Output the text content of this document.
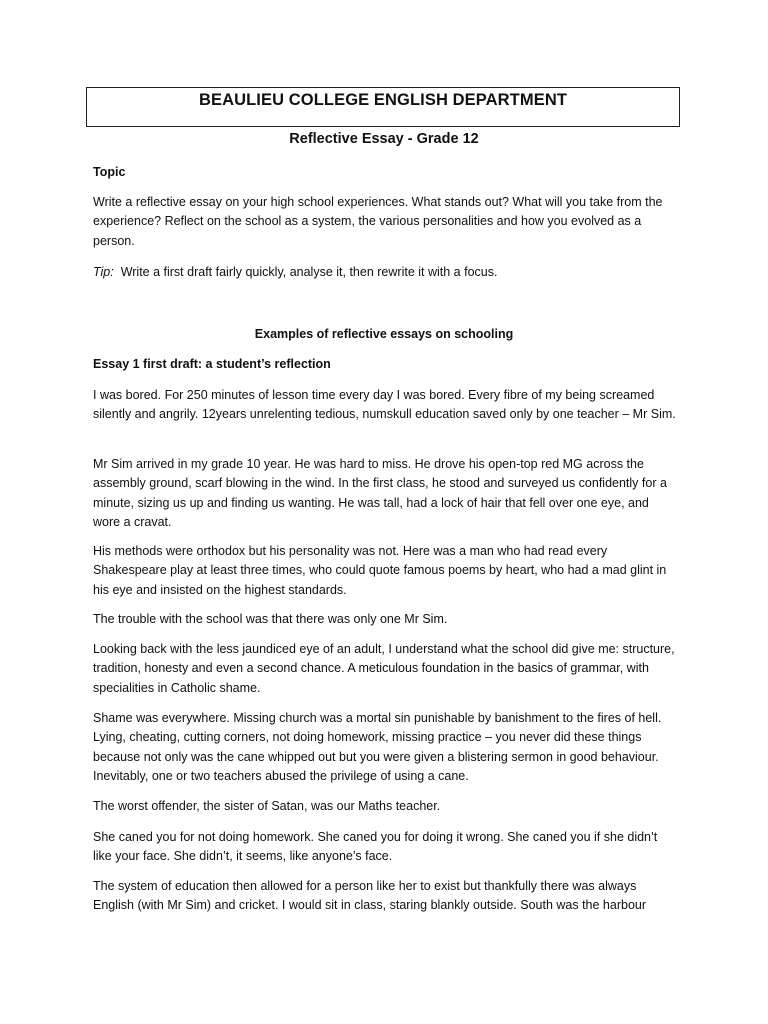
BEAULIEU COLLEGE ENGLISH DEPARTMENT
Reflective Essay - Grade 12

Topic

Write a reflective essay on your high school experiences. What stands out? What will you take from the experience? Reflect on the school as a system, the various personalities and how you evolved as a person.

Tip: Write a first draft fairly quickly, analyse it, then rewrite it with a focus.

Examples of reflective essays on schooling

Essay 1 first draft: a student’s reflection

I was bored. For 250 minutes of lesson time every day I was bored. Every fibre of my being screamed silently and angrily. 12years unrelenting tedious, numskull education saved only by one teacher – Mr Sim.

Mr Sim arrived in my grade 10 year. He was hard to miss. He drove his open-top red MG across the assembly ground, scarf blowing in the wind. In the first class, he stood and surveyed us confidently for a minute, sizing us up and finding us wanting. He was tall, had a lock of hair that fell over one eye, and wore a cravat.

His methods were orthodox but his personality was not. Here was a man who had read every Shakespeare play at least three times, who could quote famous poems by heart, who had a mad glint in his eye and insisted on the highest standards.

The trouble with the school was that there was only one Mr Sim.

Looking back with the less jaundiced eye of an adult, I understand what the school did give me: structure, tradition, honesty and even a second chance. A meticulous foundation in the basics of grammar, with specialities in Catholic shame.

Shame was everywhere. Missing church was a mortal sin punishable by banishment to the fires of hell. Lying, cheating, cutting corners, not doing homework, missing practice – you never did these things because not only was the cane whipped out but you were given a blistering sermon in good behaviour. Inevitably, one or two teachers abused the privilege of using a cane.

The worst offender, the sister of Satan, was our Maths teacher.

She caned you for not doing homework. She caned you for doing it wrong. She caned you if she didn’t like your face. She didn’t, it seems, like anyone’s face.

The system of education then allowed for a person like her to exist but thankfully there was always English (with Mr Sim) and cricket. I would sit in class, staring blankly outside. South was the harbour
